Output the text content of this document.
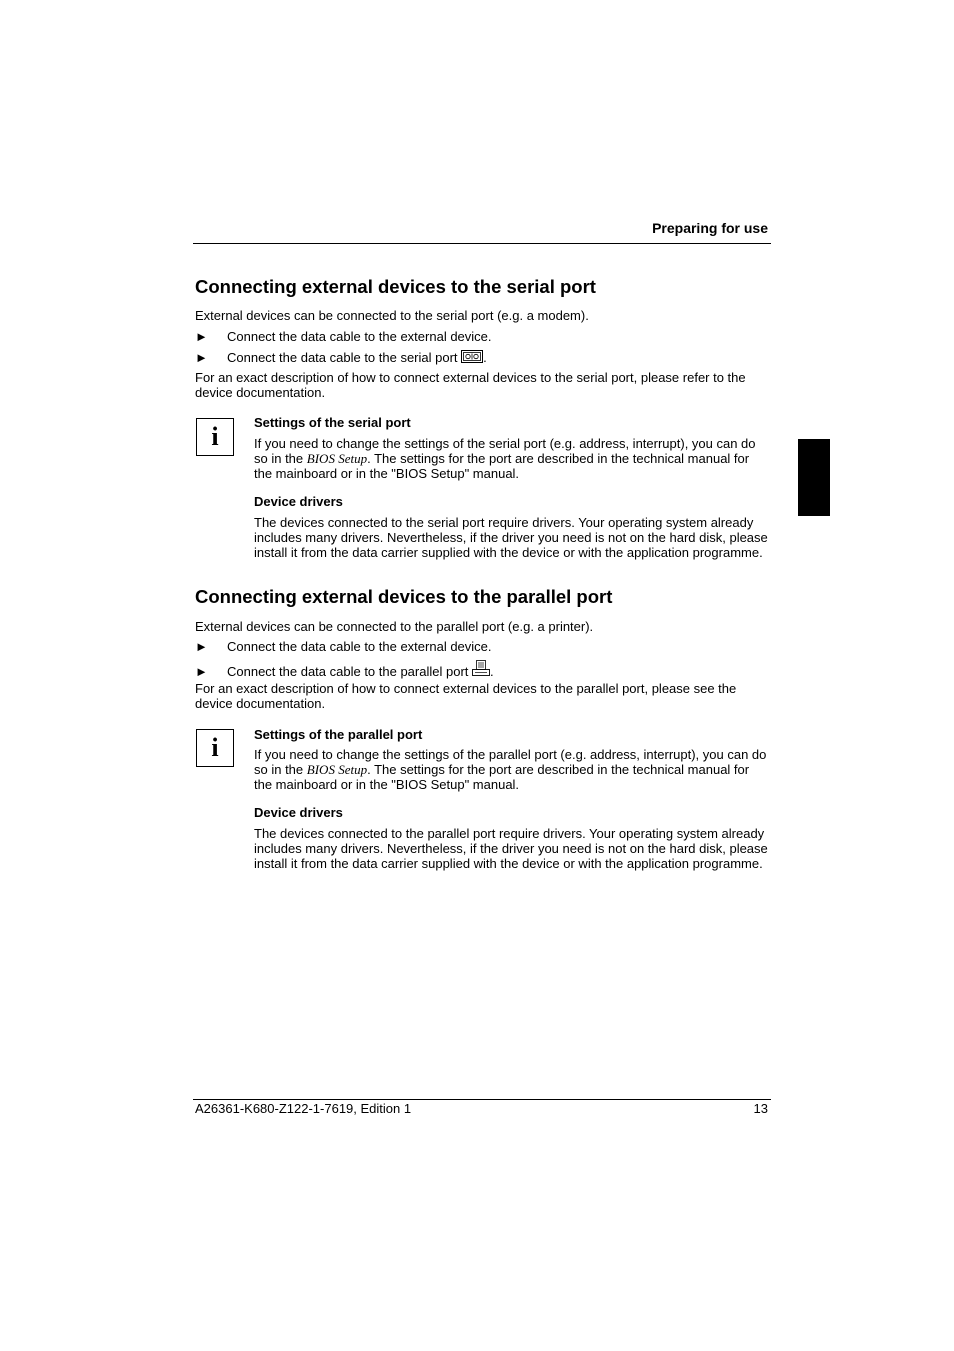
Preparing for use
Connecting external devices to the serial port
External devices can be connected to the serial port (e.g. a modem).
► Connect the data cable to the external device.
► Connect the data cable to the serial port .
For an exact description of how to connect external devices to the serial port, please refer to the device documentation.
i	Settings of the serial port
If you need to change the settings of the serial port (e.g. address, interrupt), you can do so in the BIOS Setup. The settings for the port are described in the technical manual for the mainboard or in the "BIOS Setup" manual.
Device drivers
The devices connected to the serial port require drivers. Your operating system already includes many drivers. Nevertheless, if the driver you need is not on the hard disk, please install it from the data carrier supplied with the device or with the application programme.
Connecting external devices to the parallel port
External devices can be connected to the parallel port (e.g. a printer).
► Connect the data cable to the external device.
► Connect the data cable to the parallel port .
For an exact description of how to connect external devices to the parallel port, please see the device documentation.
i	Settings of the parallel port
If you need to change the settings of the parallel port (e.g. address, interrupt), you can do so in the BIOS Setup. The settings for the port are described in the technical manual for the mainboard or in the "BIOS Setup" manual.
Device drivers
The devices connected to the parallel port require drivers. Your operating system already includes many drivers. Nevertheless, if the driver you need is not on the hard disk, please install it from the data carrier supplied with the device or with the application programme.
A26361-K680-Z122-1-7619, Edition 1	13
